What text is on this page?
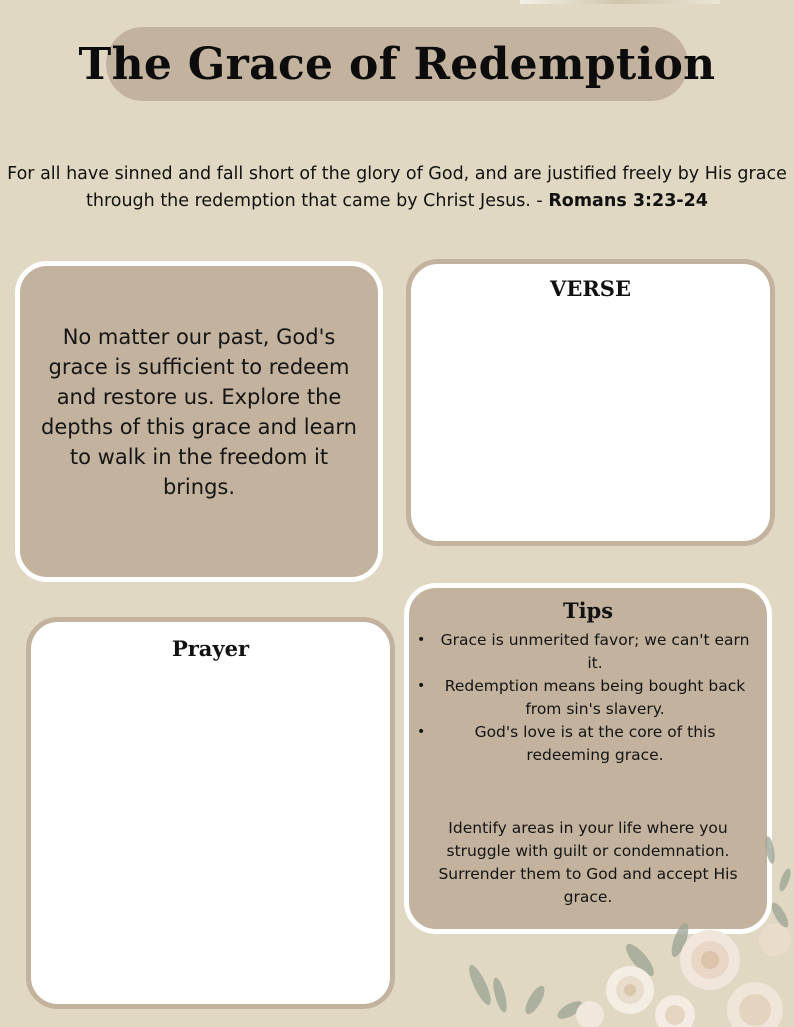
The Grace of Redemption
For all have sinned and fall short of the glory of God, and are justified freely by His grace through the redemption that came by Christ Jesus. - Romans 3:23-24

No matter our past, God's grace is sufficient to redeem and restore us. Explore the depths of this grace and learn to walk in the freedom it brings.

VERSE
Prayer
Tips
• Grace is unmerited favor; we can't earn it.
• Redemption means being bought back from sin's slavery.
•	God's love is at the core of this redeeming grace.

Identify areas in your life where you struggle with guilt or condemnation. Surrender them to God and accept His grace.
